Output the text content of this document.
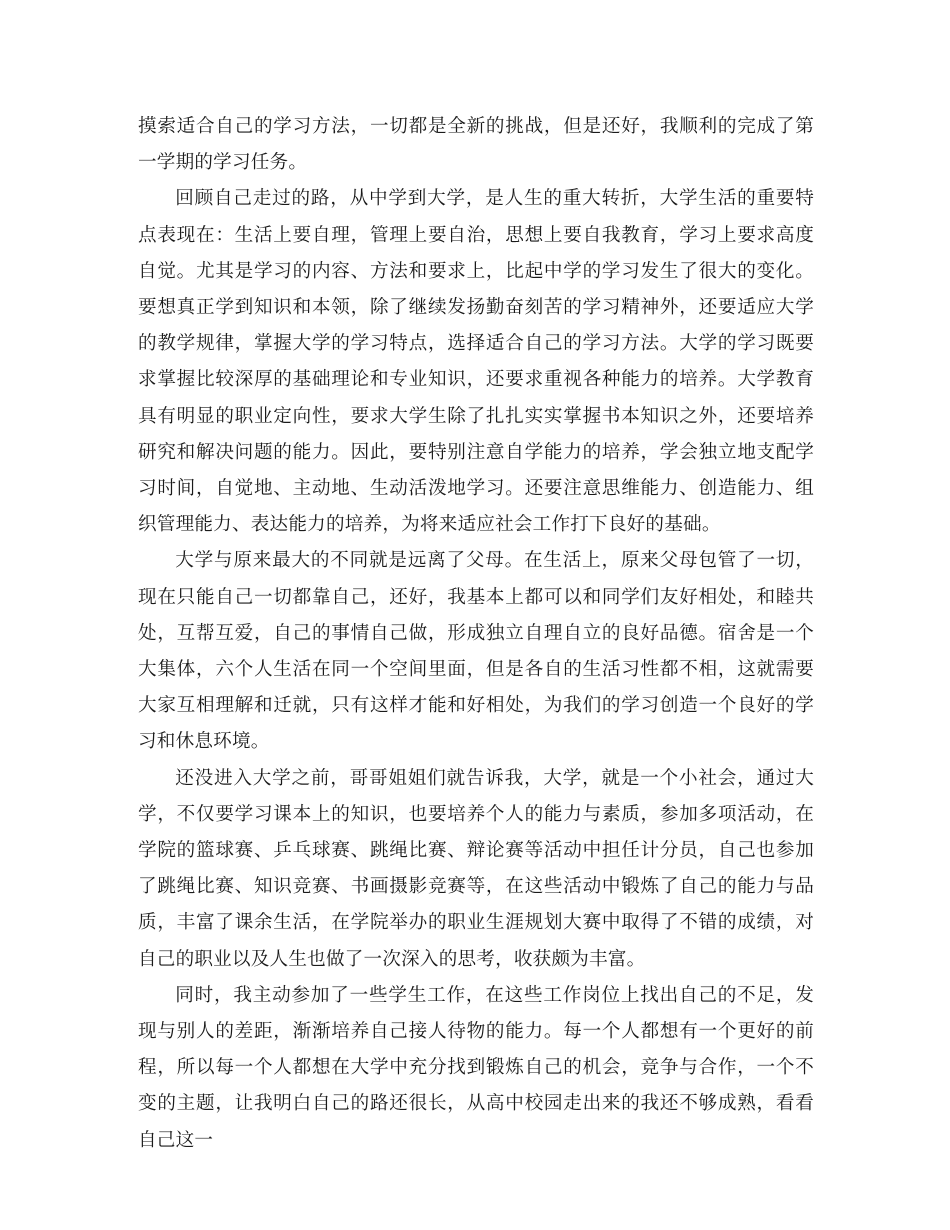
摸索适合自己的学习方法，一切都是全新的挑战，但是还好，我顺利的完成了第一学期的学习任务。

回顾自己走过的路，从中学到大学，是人生的重大转折，大学生活的重要特点表现在：生活上要自理，管理上要自治，思想上要自我教育，学习上要求高度自觉。尤其是学习的内容、方法和要求上，比起中学的学习发生了很大的变化。要想真正学到知识和本领，除了继续发扬勤奋刻苦的学习精神外，还要适应大学的教学规律，掌握大学的学习特点，选择适合自己的学习方法。大学的学习既要求掌握比较深厚的基础理论和专业知识，还要求重视各种能力的培养。大学教育具有明显的职业定向性，要求大学生除了扎扎实实掌握书本知识之外，还要培养研究和解决问题的能力。因此，要特别注意自学能力的培养，学会独立地支配学习时间，自觉地、主动地、生动活泼地学习。还要注意思维能力、创造能力、组织管理能力、表达能力的培养，为将来适应社会工作打下良好的基础。

大学与原来最大的不同就是远离了父母。在生活上，原来父母包管了一切，现在只能自己一切都靠自己，还好，我基本上都可以和同学们友好相处，和睦共处，互帮互爱，自己的事情自己做，形成独立自理自立的良好品德。宿舍是一个大集体，六个人生活在同一个空间里面，但是各自的生活习性都不相，这就需要大家互相理解和迁就，只有这样才能和好相处，为我们的学习创造一个良好的学习和休息环境。

还没进入大学之前，哥哥姐姐们就告诉我，大学，就是一个小社会，通过大学，不仅要学习课本上的知识，也要培养个人的能力与素质，参加多项活动，在学院的篮球赛、乒乓球赛、跳绳比赛、辩论赛等活动中担任计分员，自己也参加了跳绳比赛、知识竞赛、书画摄影竞赛等，在这些活动中锻炼了自己的能力与品质，丰富了课余生活，在学院举办的职业生涯规划大赛中取得了不错的成绩，对自己的职业以及人生也做了一次深入的思考，收获颇为丰富。

同时，我主动参加了一些学生工作，在这些工作岗位上找出自己的不足，发现与别人的差距，渐渐培养自己接人待物的能力。每一个人都想有一个更好的前程，所以每一个人都想在大学中充分找到锻炼自己的机会，竞争与合作，一个不变的主题，让我明白自己的路还很长，从高中校园走出来的我还不够成熟，看看自己这一
